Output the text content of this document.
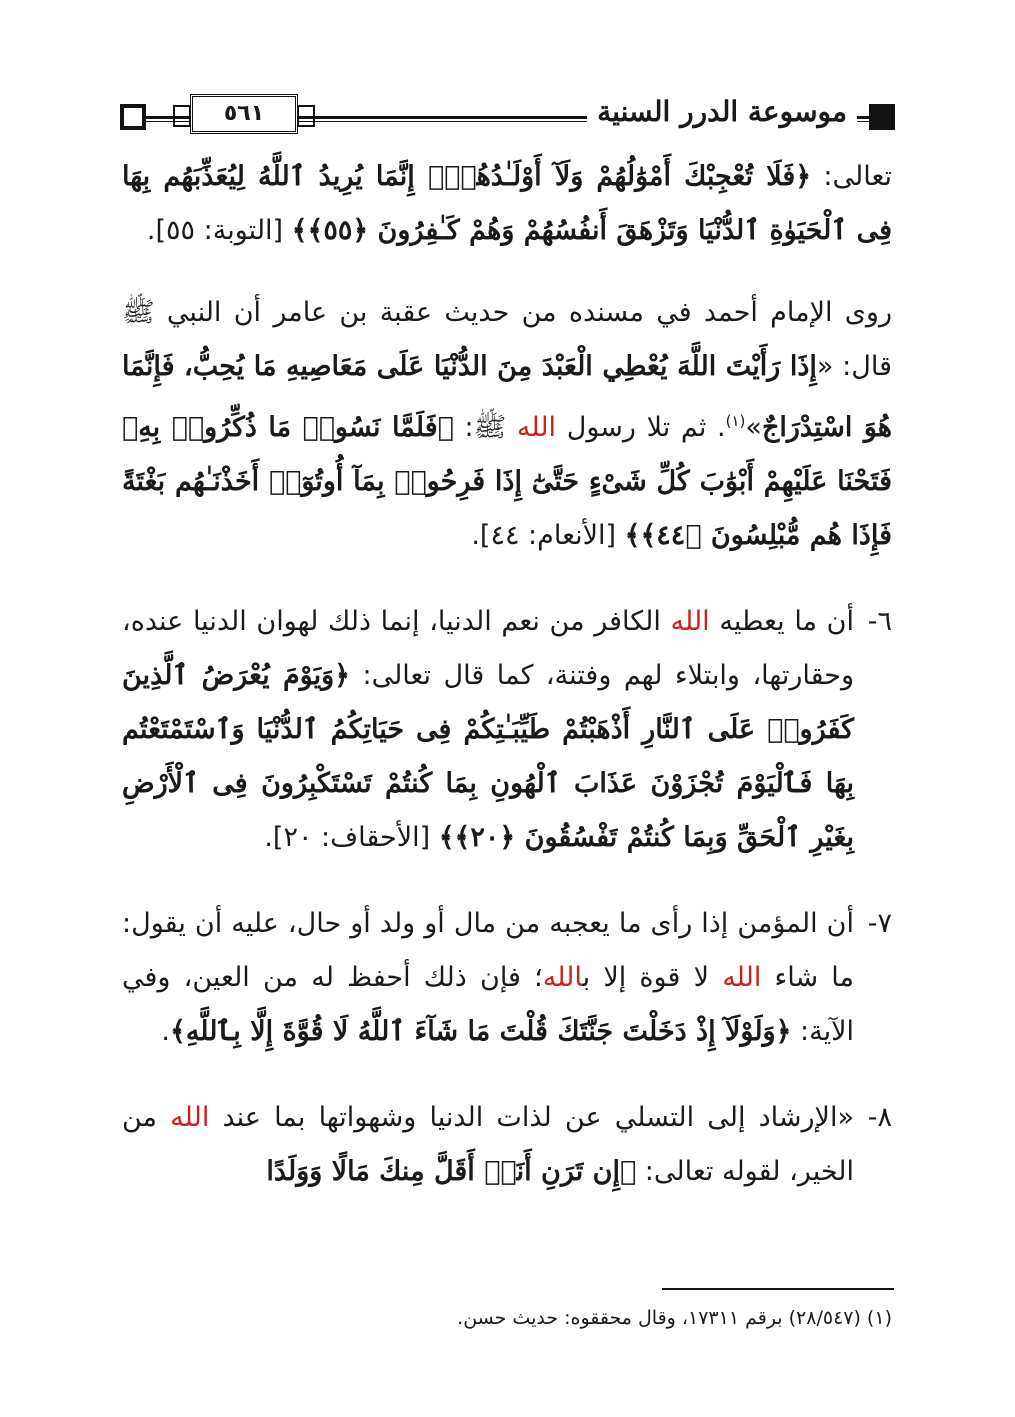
موسوعة الدرر السنية
٥٦١

تعالى: ﴿فَلَا تُعْجِبْكَ أَمْوَٰلُهُمْ وَلَآ أَوْلَـٰدُهُمْۚ إِنَّمَا يُرِيدُ ٱللَّهُ لِيُعَذِّبَهُم بِهَا فِى ٱلْحَيَوٰةِ ٱلدُّنْيَا وَتَزْهَقَ أَنفُسُهُمْ وَهُمْ كَـٰفِرُونَ ﴿٥٥﴾﴾ [التوبة: ٥٥].

روى الإمام أحمد في مسنده من حديث عقبة بن عامر أن النبي ﷺ قال: «إِذَا رَأَيْتَ اللَّهَ يُعْطِي الْعَبْدَ مِنَ الدُّنْيَا عَلَى مَعَاصِيهِ مَا يُحِبُّ، فَإِنَّمَا هُوَ اسْتِدْرَاجٌ»$^{(١)}$. ثم تلا رسول الله ﷺ: ﴿فَلَمَّا نَسُوا۟ مَا ذُكِّرُوا۟ بِهِۦ فَتَحْنَا عَلَيْهِمْ أَبْوَٰبَ كُلِّ شَىْءٍ حَتَّىٰٓ إِذَا فَرِحُوا۟ بِمَآ أُوتُوٓا۟ أَخَذْنَـٰهُم بَغْتَةً فَإِذَا هُم مُّبْلِسُونَ ﴿٤٤﴾﴾ [الأنعام: ٤٤].

٦-

أن ما يعطيه الله الكافر من نعم الدنيا، إنما ذلك لهوان الدنيا عنده، وحقارتها، وابتلاء لهم وفتنة، كما قال تعالى: ﴿وَيَوْمَ يُعْرَضُ ٱلَّذِينَ كَفَرُوا۟ عَلَى ٱلنَّارِ أَذْهَبْتُمْ طَيِّبَـٰتِكُمْ فِى حَيَاتِكُمُ ٱلدُّنْيَا وَٱسْتَمْتَعْتُم بِهَا فَٱلْيَوْمَ تُجْزَوْنَ عَذَابَ ٱلْهُونِ بِمَا كُنتُمْ تَسْتَكْبِرُونَ فِى ٱلْأَرْضِ بِغَيْرِ ٱلْحَقِّ وَبِمَا كُنتُمْ تَفْسُقُونَ ﴿٢٠﴾﴾ [الأحقاف: ٢٠].

٧-

أن المؤمن إذا رأى ما يعجبه من مال أو ولد أو حال، عليه أن يقول: ما شاء الله لا قوة إلا بالله؛ فإن ذلك أحفظ له من العين، وفي الآية: ﴿وَلَوْلَآ إِذْ دَخَلْتَ جَنَّتَكَ قُلْتَ مَا شَآءَ ٱللَّهُ لَا قُوَّةَ إِلَّا بِٱللَّهِ﴾.

٨-

«الإرشاد إلى التسلي عن لذات الدنيا وشهواتها بما عند الله من الخير، لقوله تعالى: ﴿إِن تَرَنِ أَنَا۠ أَقَلَّ مِنكَ مَالًا وَوَلَدًا

(١) (٢٨/٥٤٧) برقم ١٧٣١١، وقال محققوه: حديث حسن.
